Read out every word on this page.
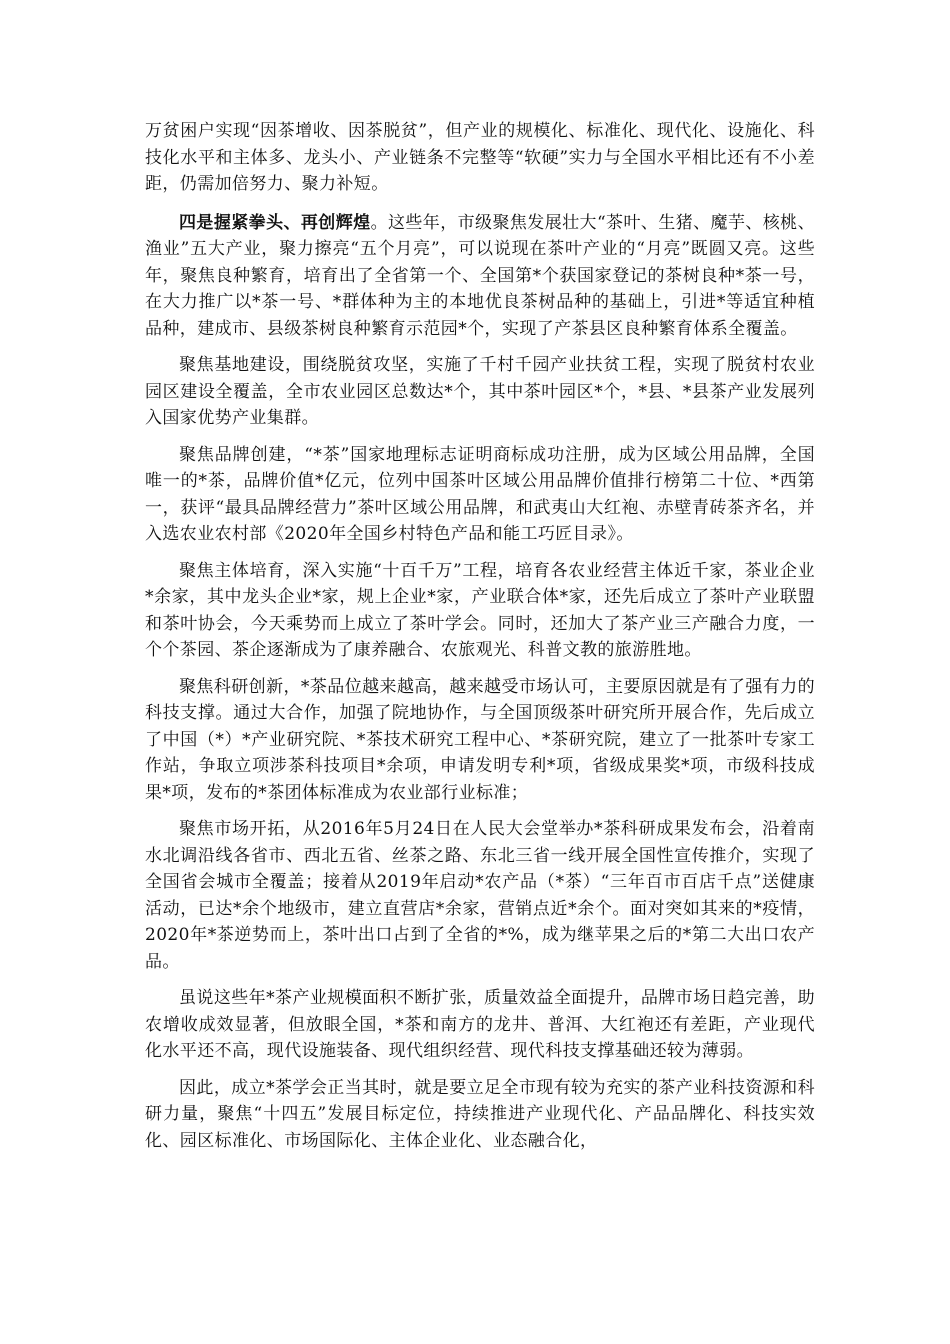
万贫困户实现“因茶增收、因茶脱贫”，但产业的规模化、标准化、现代化、设施化、科技化水平和主体多、龙头小、产业链条不完整等“软硬”实力与全国水平相比还有不小差距，仍需加倍努力、聚力补短。

四是握紧拳头、再创辉煌。这些年，市级聚焦发展壮大“茶叶、生猪、魔芋、核桃、渔业”五大产业，聚力擦亮“五个月亮”，可以说现在茶叶产业的“月亮”既圆又亮。这些年，聚焦良种繁育，培育出了全省第一个、全国第*个获国家登记的茶树良种*茶一号，在大力推广以*茶一号、*群体种为主的本地优良茶树品种的基础上，引进*等适宜种植品种，建成市、县级茶树良种繁育示范园*个，实现了产茶县区良种繁育体系全覆盖。

聚焦基地建设，围绕脱贫攻坚，实施了千村千园产业扶贫工程，实现了脱贫村农业园区建设全覆盖，全市农业园区总数达*个，其中茶叶园区*个，*县、*县茶产业发展列入国家优势产业集群。

聚焦品牌创建，“*茶”国家地理标志证明商标成功注册，成为区域公用品牌，全国唯一的*茶，品牌价值*亿元，位列中国茶叶区域公用品牌价值排行榜第二十位、*西第一，获评“最具品牌经营力”茶叶区域公用品牌，和武夷山大红袍、赤壁青砖茶齐名，并入选农业农村部《2020年全国乡村特色产品和能工巧匠目录》。

聚焦主体培育，深入实施“十百千万”工程，培育各农业经营主体近千家，茶业企业*余家，其中龙头企业*家，规上企业*家，产业联合体*家，还先后成立了茶叶产业联盟和茶叶协会，今天乘势而上成立了茶叶学会。同时，还加大了茶产业三产融合力度，一个个茶园、茶企逐渐成为了康养融合、农旅观光、科普文教的旅游胜地。

聚焦科研创新，*茶品位越来越高，越来越受市场认可，主要原因就是有了强有力的科技支撑。通过大合作，加强了院地协作，与全国顶级茶叶研究所开展合作，先后成立了中国（*）*产业研究院、*茶技术研究工程中心、*茶研究院，建立了一批茶叶专家工作站，争取立项涉茶科技项目*余项，申请发明专利*项，省级成果奖*项，市级科技成果*项，发布的*茶团体标准成为农业部行业标准；

聚焦市场开拓，从2016年5月24日在人民大会堂举办*茶科研成果发布会，沿着南水北调沿线各省市、西北五省、丝茶之路、东北三省一线开展全国性宣传推介，实现了全国省会城市全覆盖；接着从2019年启动*农产品（*茶）“三年百市百店千点”送健康活动，已达*余个地级市，建立直营店*余家，营销点近*余个。面对突如其来的*疫情，2020年*茶逆势而上，茶叶出口占到了全省的*%，成为继苹果之后的*第二大出口农产品。

虽说这些年*茶产业规模面积不断扩张，质量效益全面提升，品牌市场日趋完善，助农增收成效显著，但放眼全国，*茶和南方的龙井、普洱、大红袍还有差距，产业现代化水平还不高，现代设施装备、现代组织经营、现代科技支撑基础还较为薄弱。

因此，成立*茶学会正当其时，就是要立足全市现有较为充实的茶产业科技资源和科研力量，聚焦“十四五”发展目标定位，持续推进产业现代化、产品品牌化、科技实效化、园区标准化、市场国际化、主体企业化、业态融合化，
